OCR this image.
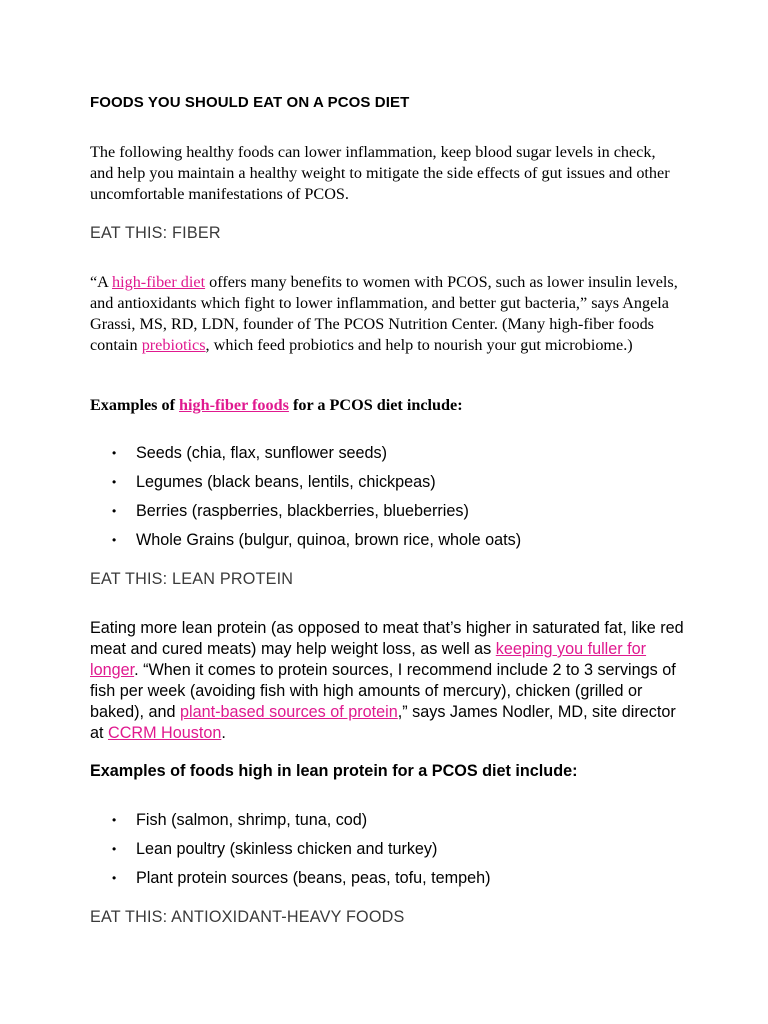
FOODS YOU SHOULD EAT ON A PCOS DIET

The following healthy foods can lower inflammation, keep blood sugar levels in check, and help you maintain a healthy weight to mitigate the side effects of gut issues and other uncomfortable manifestations of PCOS.

EAT THIS: FIBER

“A high-fiber diet offers many benefits to women with PCOS, such as lower insulin levels, and antioxidants which fight to lower inflammation, and better gut bacteria,” says Angela Grassi, MS, RD, LDN, founder of The PCOS Nutrition Center. (Many high-fiber foods contain prebiotics, which feed probiotics and help to nourish your gut microbiome.)

Examples of high-fiber foods for a PCOS diet include:
• Seeds (chia, flax, sunflower seeds)
• Legumes (black beans, lentils, chickpeas)
• Berries (raspberries, blackberries, blueberries)
• Whole Grains (bulgur, quinoa, brown rice, whole oats)
EAT THIS: LEAN PROTEIN

Eating more lean protein (as opposed to meat that’s higher in saturated fat, like red meat and cured meats) may help weight loss, as well as keeping you fuller for longer. “When it comes to protein sources, I recommend include 2 to 3 servings of fish per week (avoiding fish with high amounts of mercury), chicken (grilled or baked), and plant-based sources of protein,” says James Nodler, MD, site director at CCRM Houston.

Examples of foods high in lean protein for a PCOS diet include:
• Fish (salmon, shrimp, tuna, cod)
• Lean poultry (skinless chicken and turkey)
• Plant protein sources (beans, peas, tofu, tempeh)
EAT THIS: ANTIOXIDANT-HEAVY FOODS
